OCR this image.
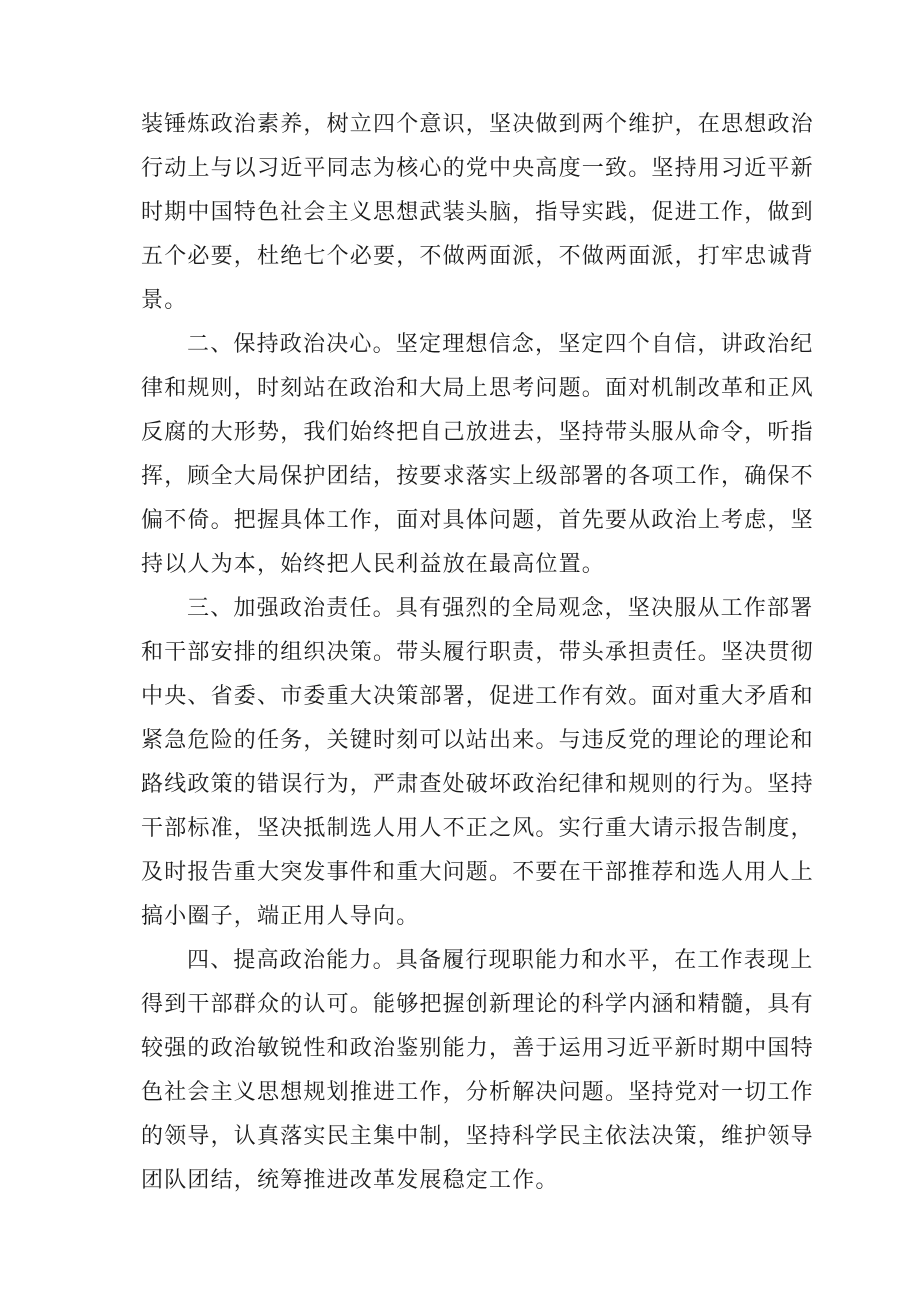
装锤炼政治素养，树立四个意识，坚决做到两个维护，在思想政治
行动上与以习近平同志为核心的党中央高度一致。坚持用习近平新
时期中国特色社会主义思想武装头脑，指导实践，促进工作，做到
五个必要，杜绝七个必要，不做两面派，不做两面派，打牢忠诚背
景。
二、保持政治决心。坚定理想信念，坚定四个自信，讲政治纪
律和规则，时刻站在政治和大局上思考问题。面对机制改革和正风
反腐的大形势，我们始终把自己放进去，坚持带头服从命令，听指
挥，顾全大局保护团结，按要求落实上级部署的各项工作，确保不
偏不倚。把握具体工作，面对具体问题，首先要从政治上考虑，坚
持以人为本，始终把人民利益放在最高位置。
三、加强政治责任。具有强烈的全局观念，坚决服从工作部署
和干部安排的组织决策。带头履行职责，带头承担责任。坚决贯彻
中央、省委、市委重大决策部署，促进工作有效。面对重大矛盾和
紧急危险的任务，关键时刻可以站出来。与违反党的理论的理论和
路线政策的错误行为，严肃查处破坏政治纪律和规则的行为。坚持
干部标准，坚决抵制选人用人不正之风。实行重大请示报告制度，
及时报告重大突发事件和重大问题。不要在干部推荐和选人用人上
搞小圈子，端正用人导向。
四、提高政治能力。具备履行现职能力和水平，在工作表现上
得到干部群众的认可。能够把握创新理论的科学内涵和精髓，具有
较强的政治敏锐性和政治鉴别能力，善于运用习近平新时期中国特
色社会主义思想规划推进工作，分析解决问题。坚持党对一切工作
的领导，认真落实民主集中制，坚持科学民主依法决策，维护领导
团队团结，统筹推进改革发展稳定工作。
